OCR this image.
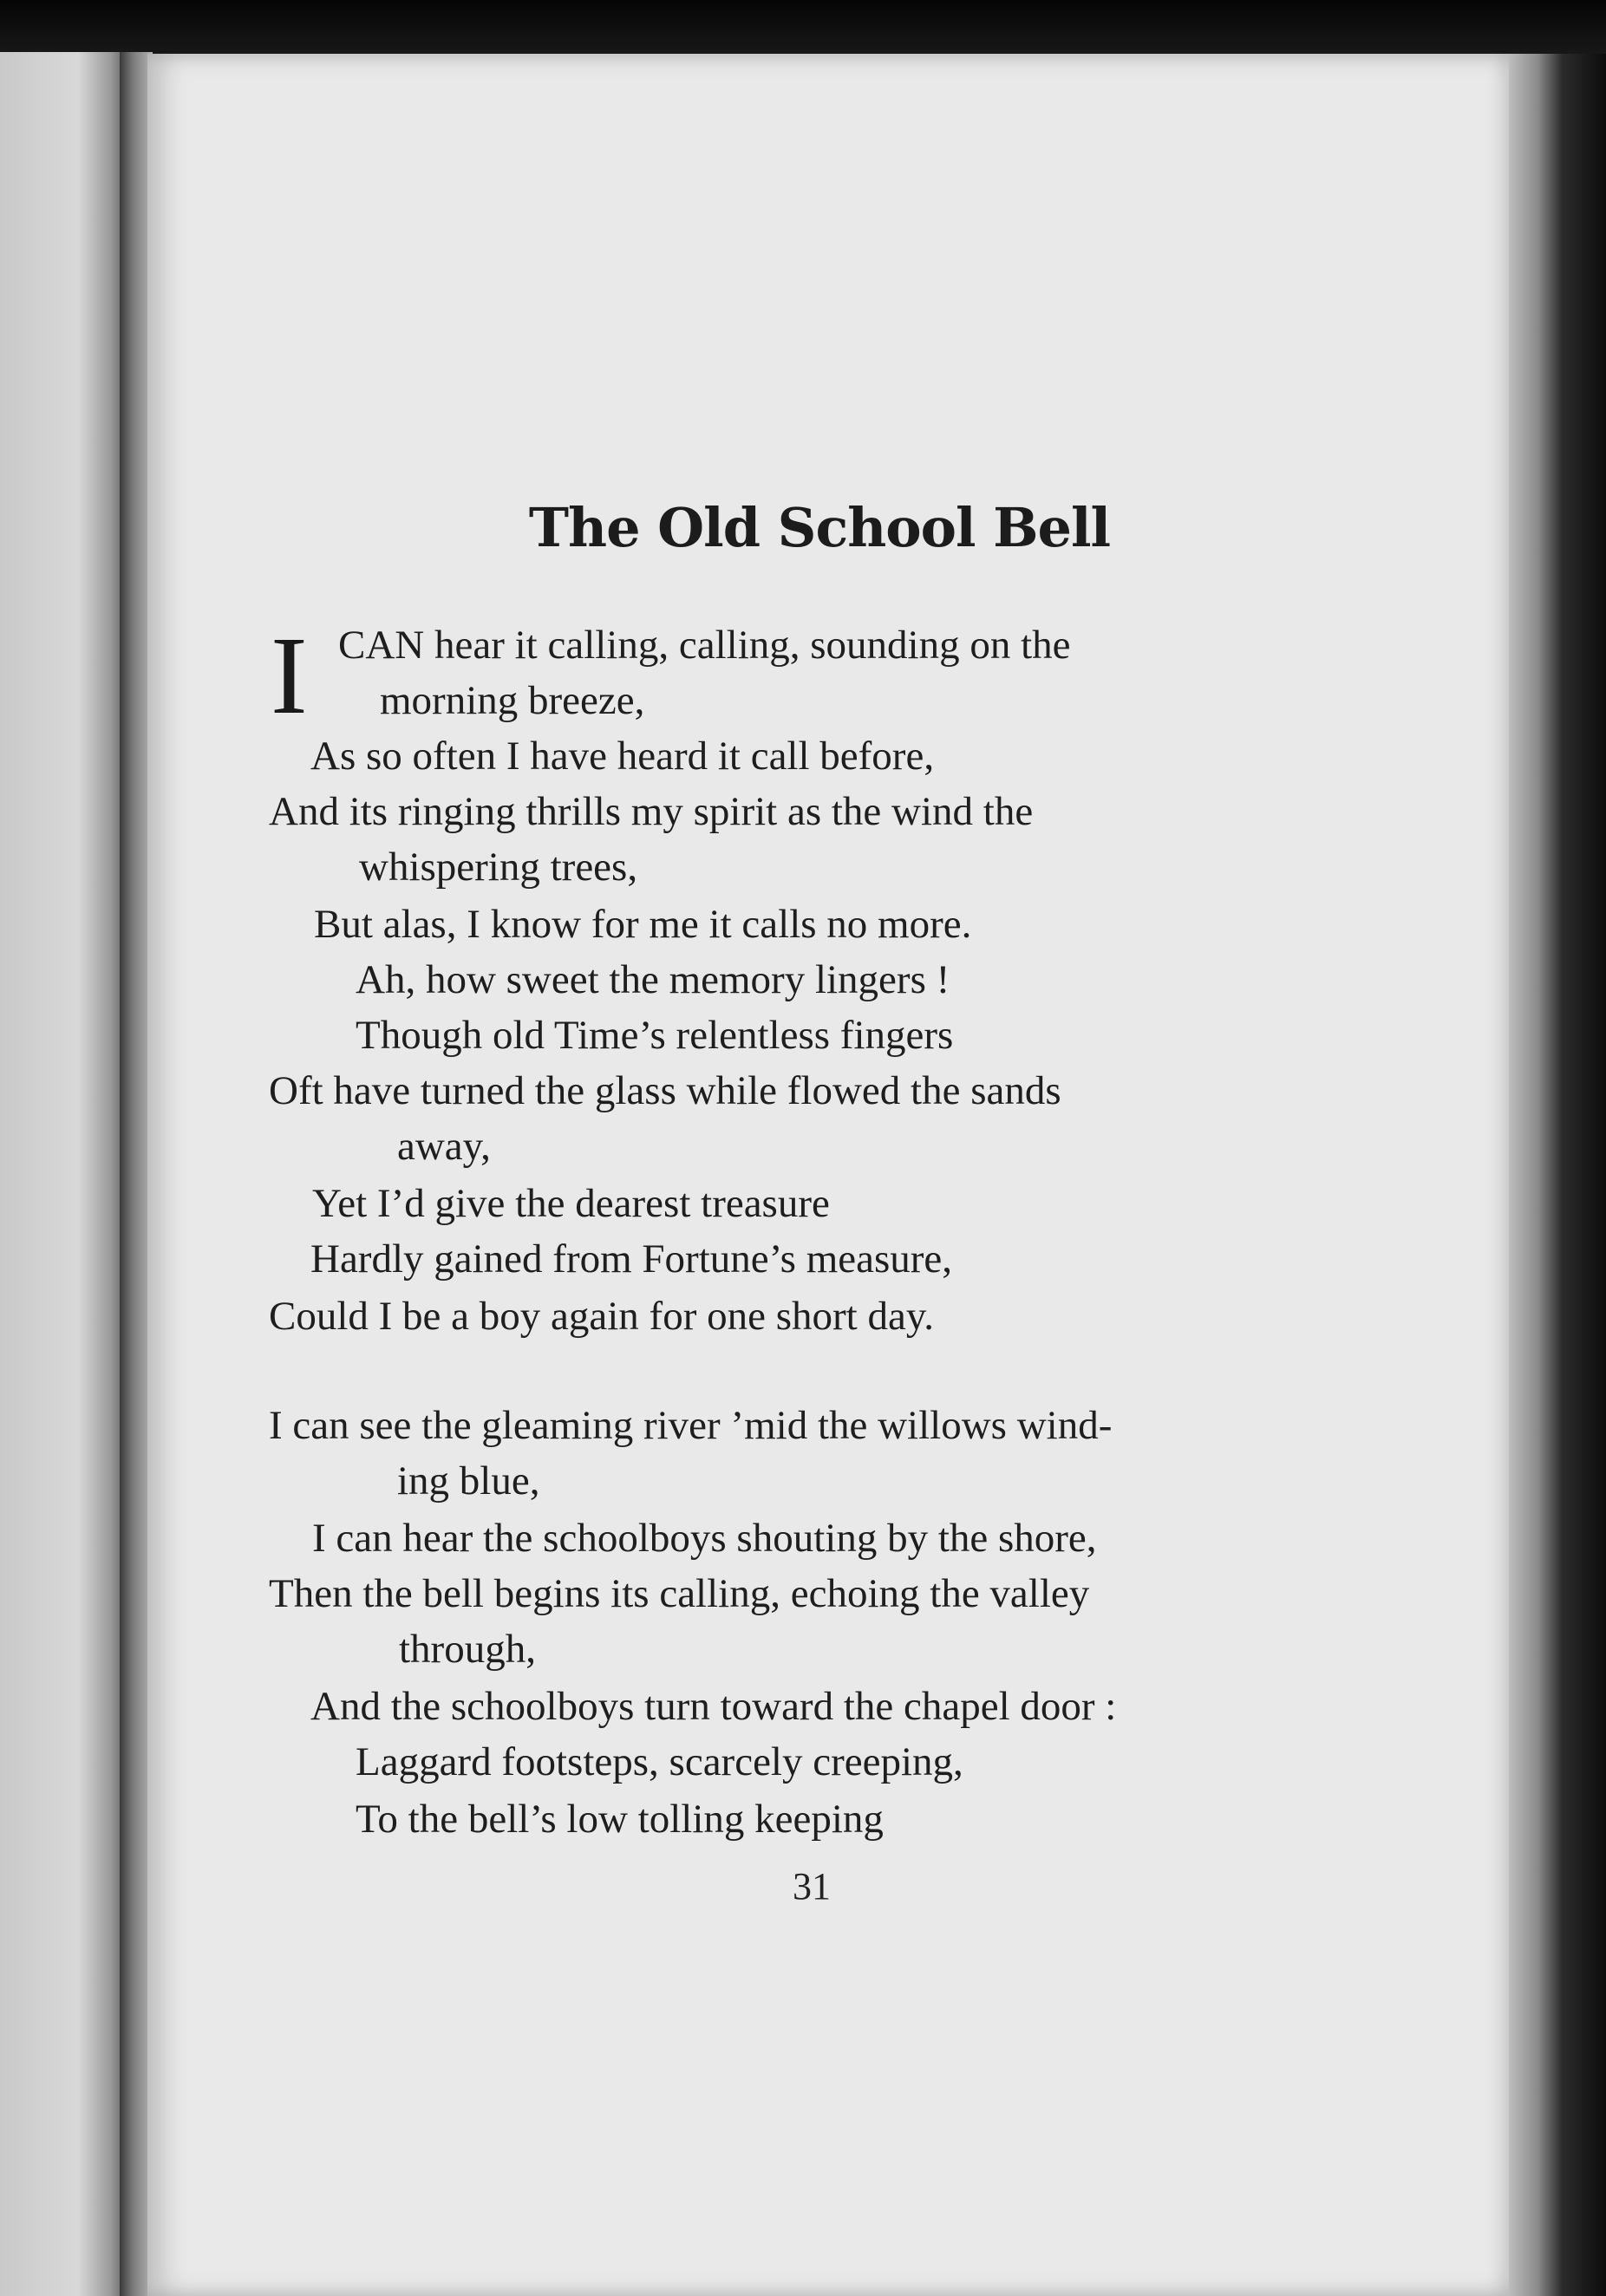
The Old School Bell
I CAN hear it calling, calling, sounding on the
morning breeze,
As so often I have heard it call before,
And its ringing thrills my spirit as the wind the
whispering trees,
But alas, I know for me it calls no more.
Ah, how sweet the memory lingers !
Though old Time’s relentless fingers
Oft have turned the glass while flowed the sands
away,
Yet I’d give the dearest treasure
Hardly gained from Fortune’s measure,
Could I be a boy again for one short day.
I can see the gleaming river ’mid the willows wind-
ing blue,
I can hear the schoolboys shouting by the shore,
Then the bell begins its calling, echoing the valley
through,
And the schoolboys turn toward the chapel door :
Laggard footsteps, scarcely creeping,
To the bell’s low tolling keeping
31
